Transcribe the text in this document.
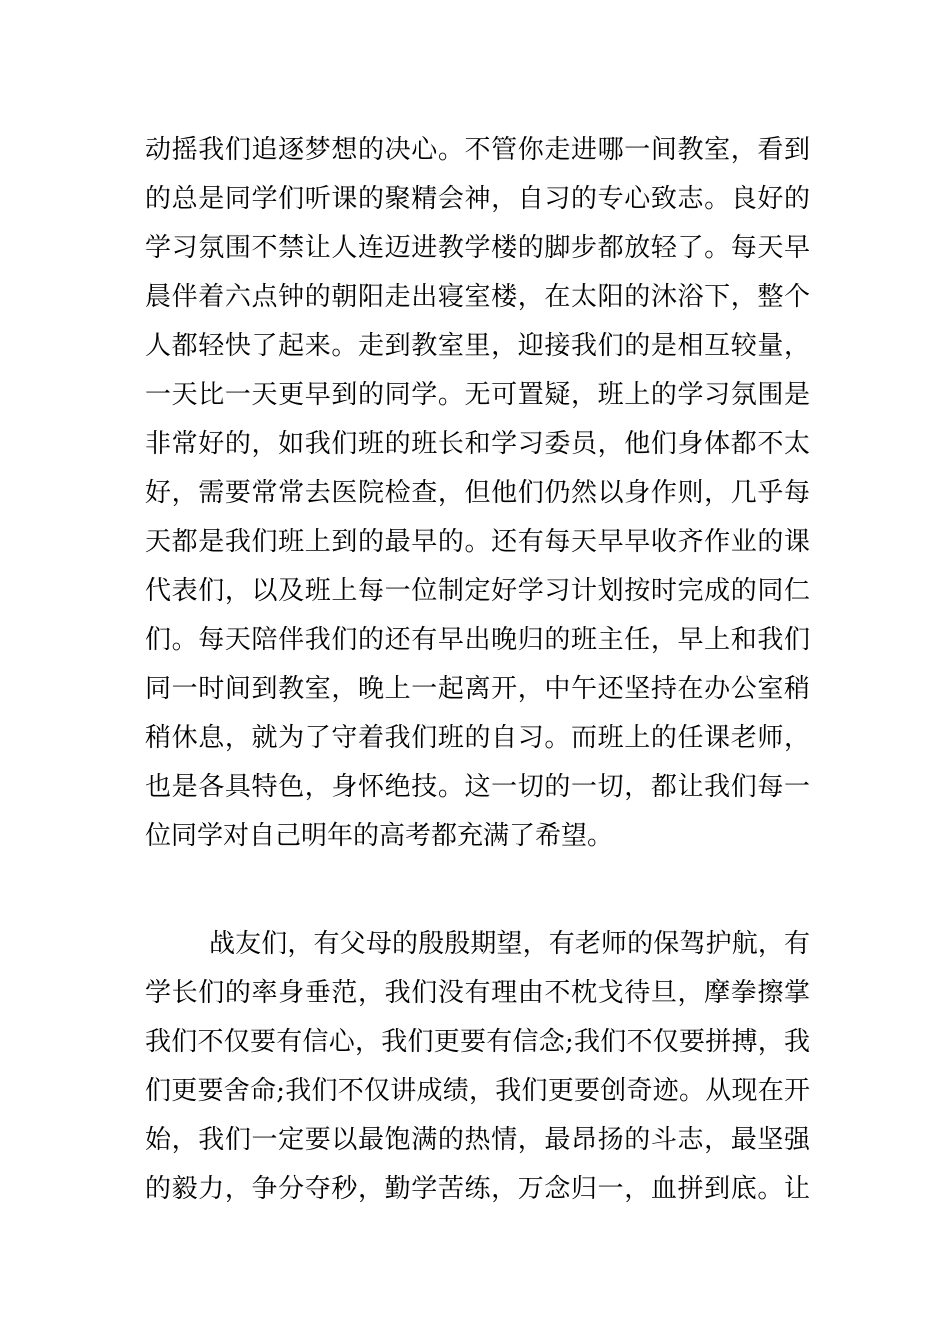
动摇我们追逐梦想的决心。不管你走进哪一间教室，看到
的总是同学们听课的聚精会神，自习的专心致志。良好的
学习氛围不禁让人连迈进教学楼的脚步都放轻了。每天早
晨伴着六点钟的朝阳走出寝室楼，在太阳的沐浴下，整个
人都轻快了起来。走到教室里，迎接我们的是相互较量，
一天比一天更早到的同学。无可置疑，班上的学习氛围是
非常好的，如我们班的班长和学习委员，他们身体都不太
好，需要常常去医院检查，但他们仍然以身作则，几乎每
天都是我们班上到的最早的。还有每天早早收齐作业的课
代表们，以及班上每一位制定好学习计划按时完成的同仁
们。每天陪伴我们的还有早出晚归的班主任，早上和我们
同一时间到教室，晚上一起离开，中午还坚持在办公室稍
稍休息，就为了守着我们班的自习。而班上的任课老师，
也是各具特色，身怀绝技。这一切的一切，都让我们每一
位同学对自己明年的高考都充满了希望。
战友们，有父母的殷殷期望，有老师的保驾护航，有
学长们的率身垂范，我们没有理由不枕戈待旦，摩拳擦掌
我们不仅要有信心，我们更要有信念;我们不仅要拼搏，我
们更要舍命;我们不仅讲成绩，我们更要创奇迹。从现在开
始，我们一定要以最饱满的热情，最昂扬的斗志，最坚强
的毅力，争分夺秒，勤学苦练，万念归一，血拼到底。让
